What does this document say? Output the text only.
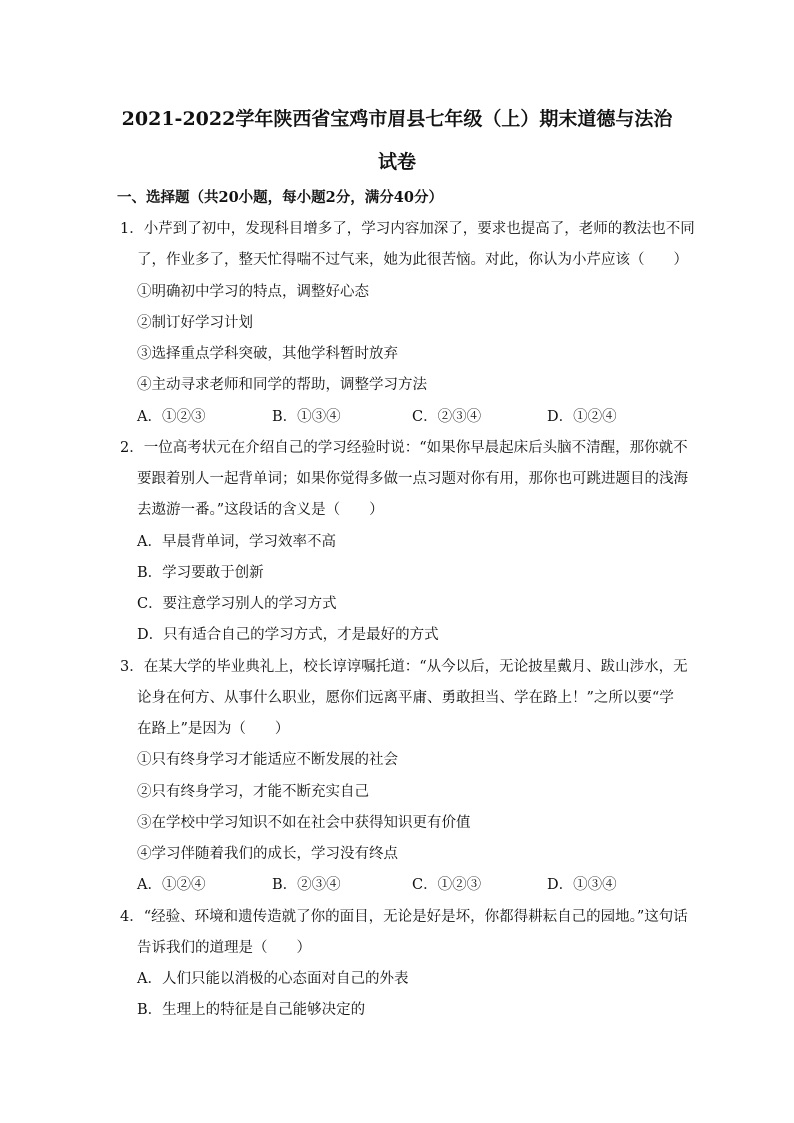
2021-2022学年陕西省宝鸡市眉县七年级（上）期末道德与法治
试卷
一、选择题（共20小题，每小题2分，满分40分）
1．小芹到了初中，发现科目增多了，学习内容加深了，要求也提高了，老师的教法也不同
了，作业多了，整天忙得喘不过气来，她为此很苦恼。对此，你认为小芹应该（　　）
①明确初中学习的特点，调整好心态
②制订好学习计划
③选择重点学科突破，其他学科暂时放弃
④主动寻求老师和同学的帮助，调整学习方法
A．①②③	B．①③④	C．②③④	D．①②④
2．一位高考状元在介绍自己的学习经验时说：“如果你早晨起床后头脑不清醒，那你就不
要跟着别人一起背单词；如果你觉得多做一点习题对你有用，那你也可跳进题目的浅海
去遨游一番。”这段话的含义是（　　）
A．早晨背单词，学习效率不高
B．学习要敢于创新
C．要注意学习别人的学习方式
D．只有适合自己的学习方式，才是最好的方式
3．在某大学的毕业典礼上，校长谆谆嘱托道：“从今以后，无论披星戴月、跋山涉水，无
论身在何方、从事什么职业，愿你们远离平庸、勇敢担当、学在路上！”之所以要“学
在路上”是因为（　　）
①只有终身学习才能适应不断发展的社会
②只有终身学习，才能不断充实自己
③在学校中学习知识不如在社会中获得知识更有价值
④学习伴随着我们的成长，学习没有终点
A．①②④	B．②③④	C．①②③	D．①③④
4．“经验、环境和遗传造就了你的面目，无论是好是坏，你都得耕耘自己的园地。”这句话
告诉我们的道理是（　　）
A．人们只能以消极的心态面对自己的外表
B．生理上的特征是自己能够决定的
